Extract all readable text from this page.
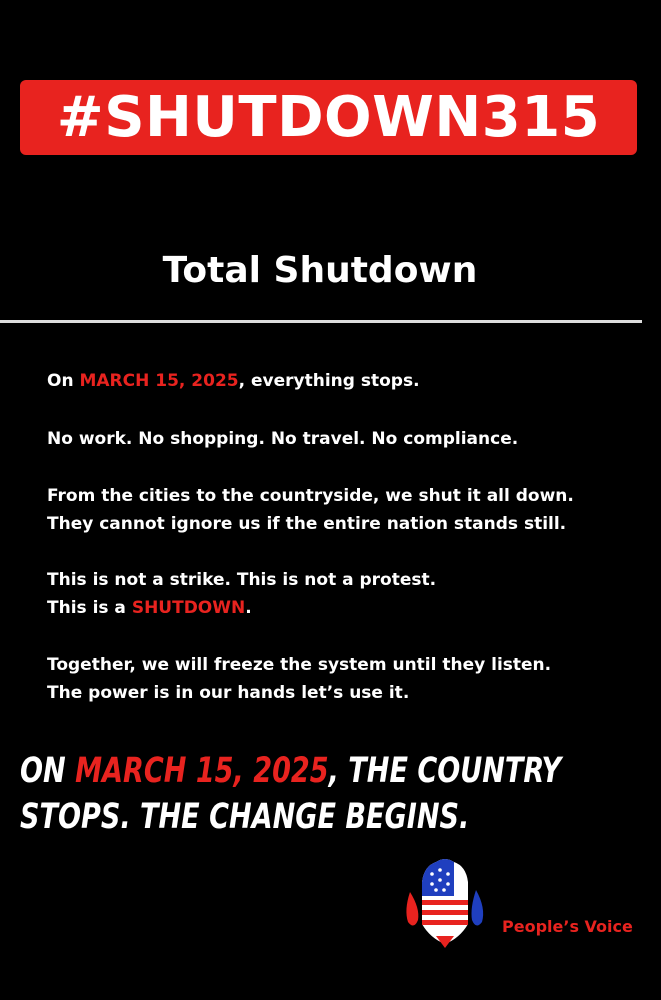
#SHUTDOWN315
Total Shutdown
On MARCH 15, 2025, everything stops.
No work. No shopping. No travel. No compliance.
From the cities to the countryside, we shut it all down.
They cannot ignore us if the entire nation stands still.
This is not a strike. This is not a protest.
This is a SHUTDOWN.
Together, we will freeze the system until they listen.
The power is in our hands let’s use it.
ON MARCH 15, 2025, THE COUNTRY
STOPS. THE CHANGE BEGINS.
People’s Voice
